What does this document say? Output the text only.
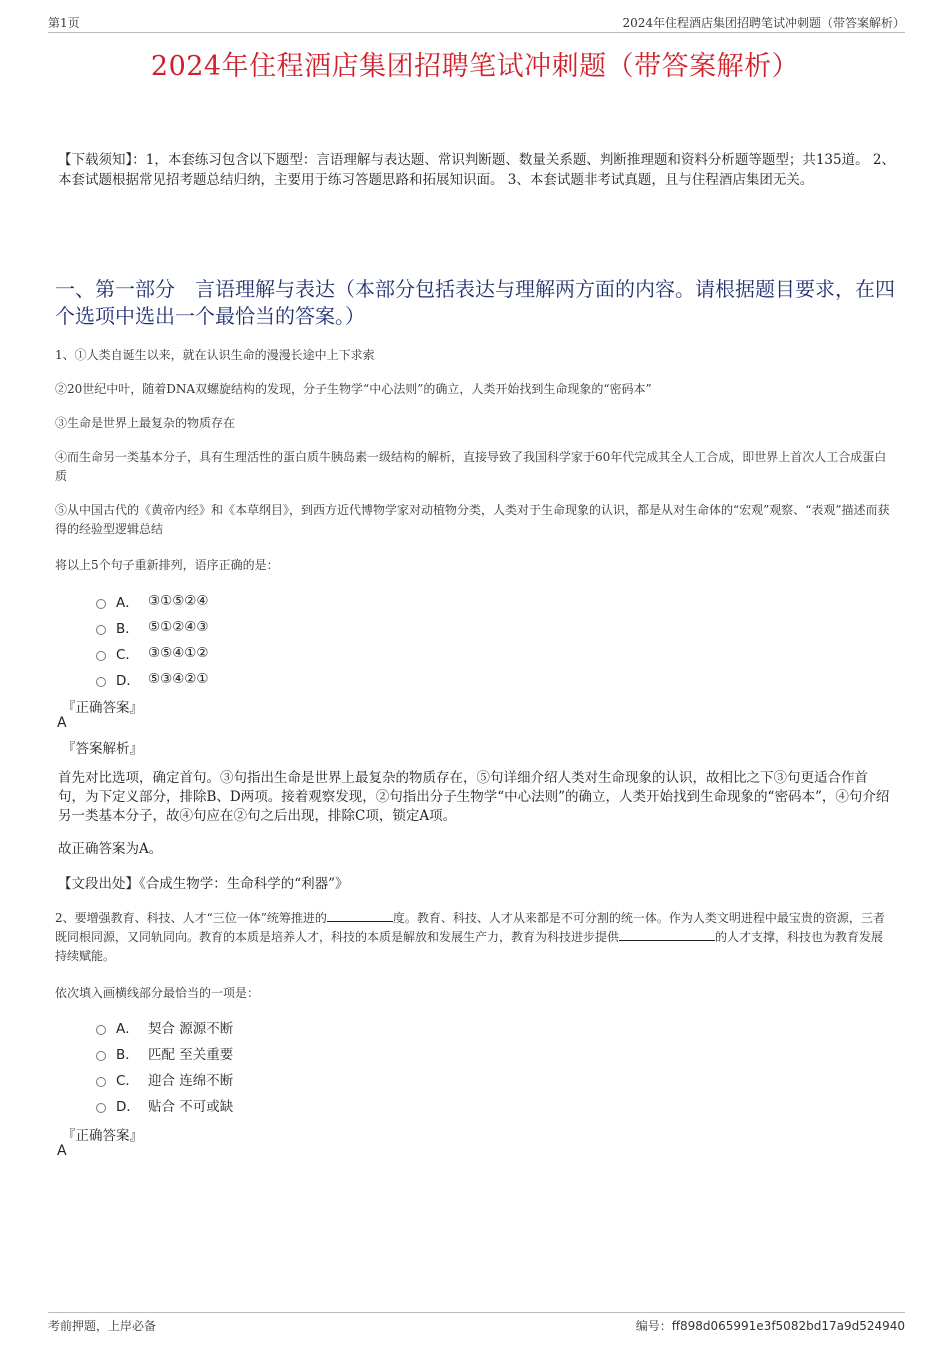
第1页	2024年住程酒店集团招聘笔试冲刺题（带答案解析）
2024年住程酒店集团招聘笔试冲刺题（带答案解析）
【下载须知】：1，本套练习包含以下题型：言语理解与表达题、常识判断题、数量关系题、判断推理题和资料分析题等题型；共135道。 2、本套试题根据常见招考题总结归纳，主要用于练习答题思路和拓展知识面。 3、本套试题非考试真题，且与住程酒店集团无关。
一、第一部分　言语理解与表达（本部分包括表达与理解两方面的内容。请根据题目要求，在四个选项中选出一个最恰当的答案。）
1、①人类自诞生以来，就在认识生命的漫漫长途中上下求索
②20世纪中叶，随着DNA双螺旋结构的发现，分子生物学“中心法则”的确立，人类开始找到生命现象的“密码本”
③生命是世界上最复杂的物质存在
④而生命另一类基本分子，具有生理活性的蛋白质牛胰岛素一级结构的解析，直接导致了我国科学家于60年代完成其全人工合成，即世界上首次人工合成蛋白质
⑤从中国古代的《黄帝内经》和《本草纲目》，到西方近代博物学家对动植物分类，人类对于生命现象的认识，都是从对生命体的“宏观”观察、“表观”描述而获得的经验型逻辑总结
将以上5个句子重新排列，语序正确的是：
A． ③①⑤②④
B． ⑤①②④③
C． ③⑤④①②
D． ⑤③④②①
『正确答案』
A
『答案解析』
首先对比选项，确定首句。③句指出生命是世界上最复杂的物质存在，⑤句详细介绍人类对生命现象的认识，故相比之下③句更适合作首句，为下定义部分，排除B、D两项。接着观察发现，②句指出分子生物学“中心法则”的确立，人类开始找到生命现象的“密码本”，④句介绍另一类基本分子，故④句应在②句之后出现，排除C项，锁定A项。
故正确答案为A。
【文段出处】《合成生物学：生命科学的“利器”》
2、要增强教育、科技、人才“三位一体”统筹推进的	度。教育、科技、人才从来都是不可分割的统一体。作为人类文明进程中最宝贵的资源，三者既同根同源，又同轨同向。教育的本质是培养人才，科技的本质是解放和发展生产力，教育为科技进步提供	的人才支撑，科技也为教育发展持续赋能。
依次填入画横线部分最恰当的一项是：
A． 契合 源源不断
B． 匹配 至关重要
C． 迎合 连绵不断
D． 贴合 不可或缺
『正确答案』
A
考前押题，上岸必备	编号：ff898d065991e3f5082bd17a9d524940
